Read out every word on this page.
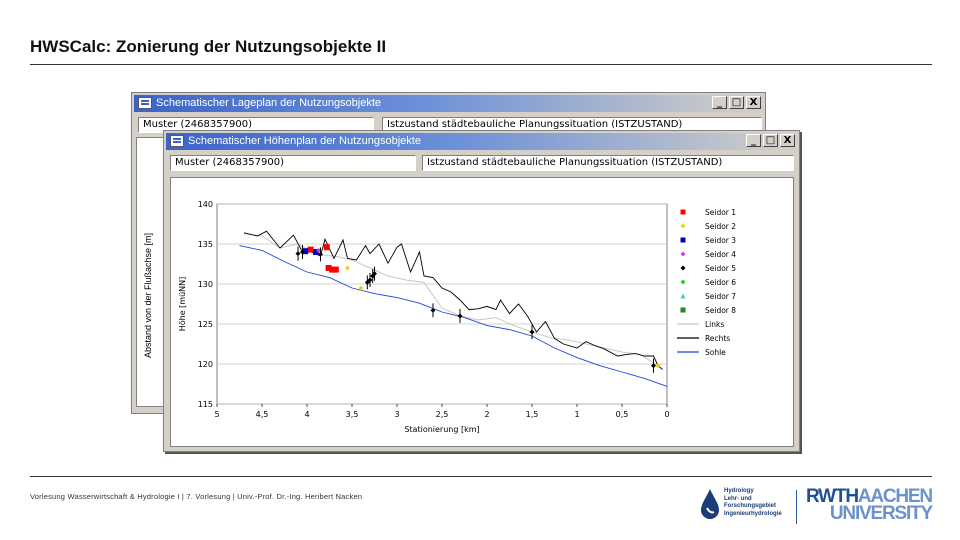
HWSCalc: Zonierung der Nutzungsobjekte II
Schematischer Lageplan der Nutzungsobjekte	_ □ X
Muster (2468357900)	Istzustand städtebauliche Planungssituation (ISTZUSTAND)
Abstand von der Flußachse [m]
Schematischer Höhenplan der Nutzungsobjekte	_ □ X
Muster (2468357900)	Istzustand städtebauliche Planungssituation (ISTZUSTAND)
140
135
130
125
120
115
5	4,5	4	3,5	3	2,5	2	1,5	1	0,5	0
Stationierung [km]
Höhe [müNN]
Seidor 1
Seidor 2
Seidor 3
Seidor 4
Seidor 5
Seidor 6
Seidor 7
Seidor 8
Links
Rechts
Sohle
Vorlesung Wasserwirtschaft & Hydrologie I | 7. Vorlesung | Univ.-Prof. Dr.-Ing. Heribert Nacken
Hydrology
Lehr- und
Forschungsgebiet
Ingenieurhydrologie
RWTHAACHEN
UNIVERSITY
